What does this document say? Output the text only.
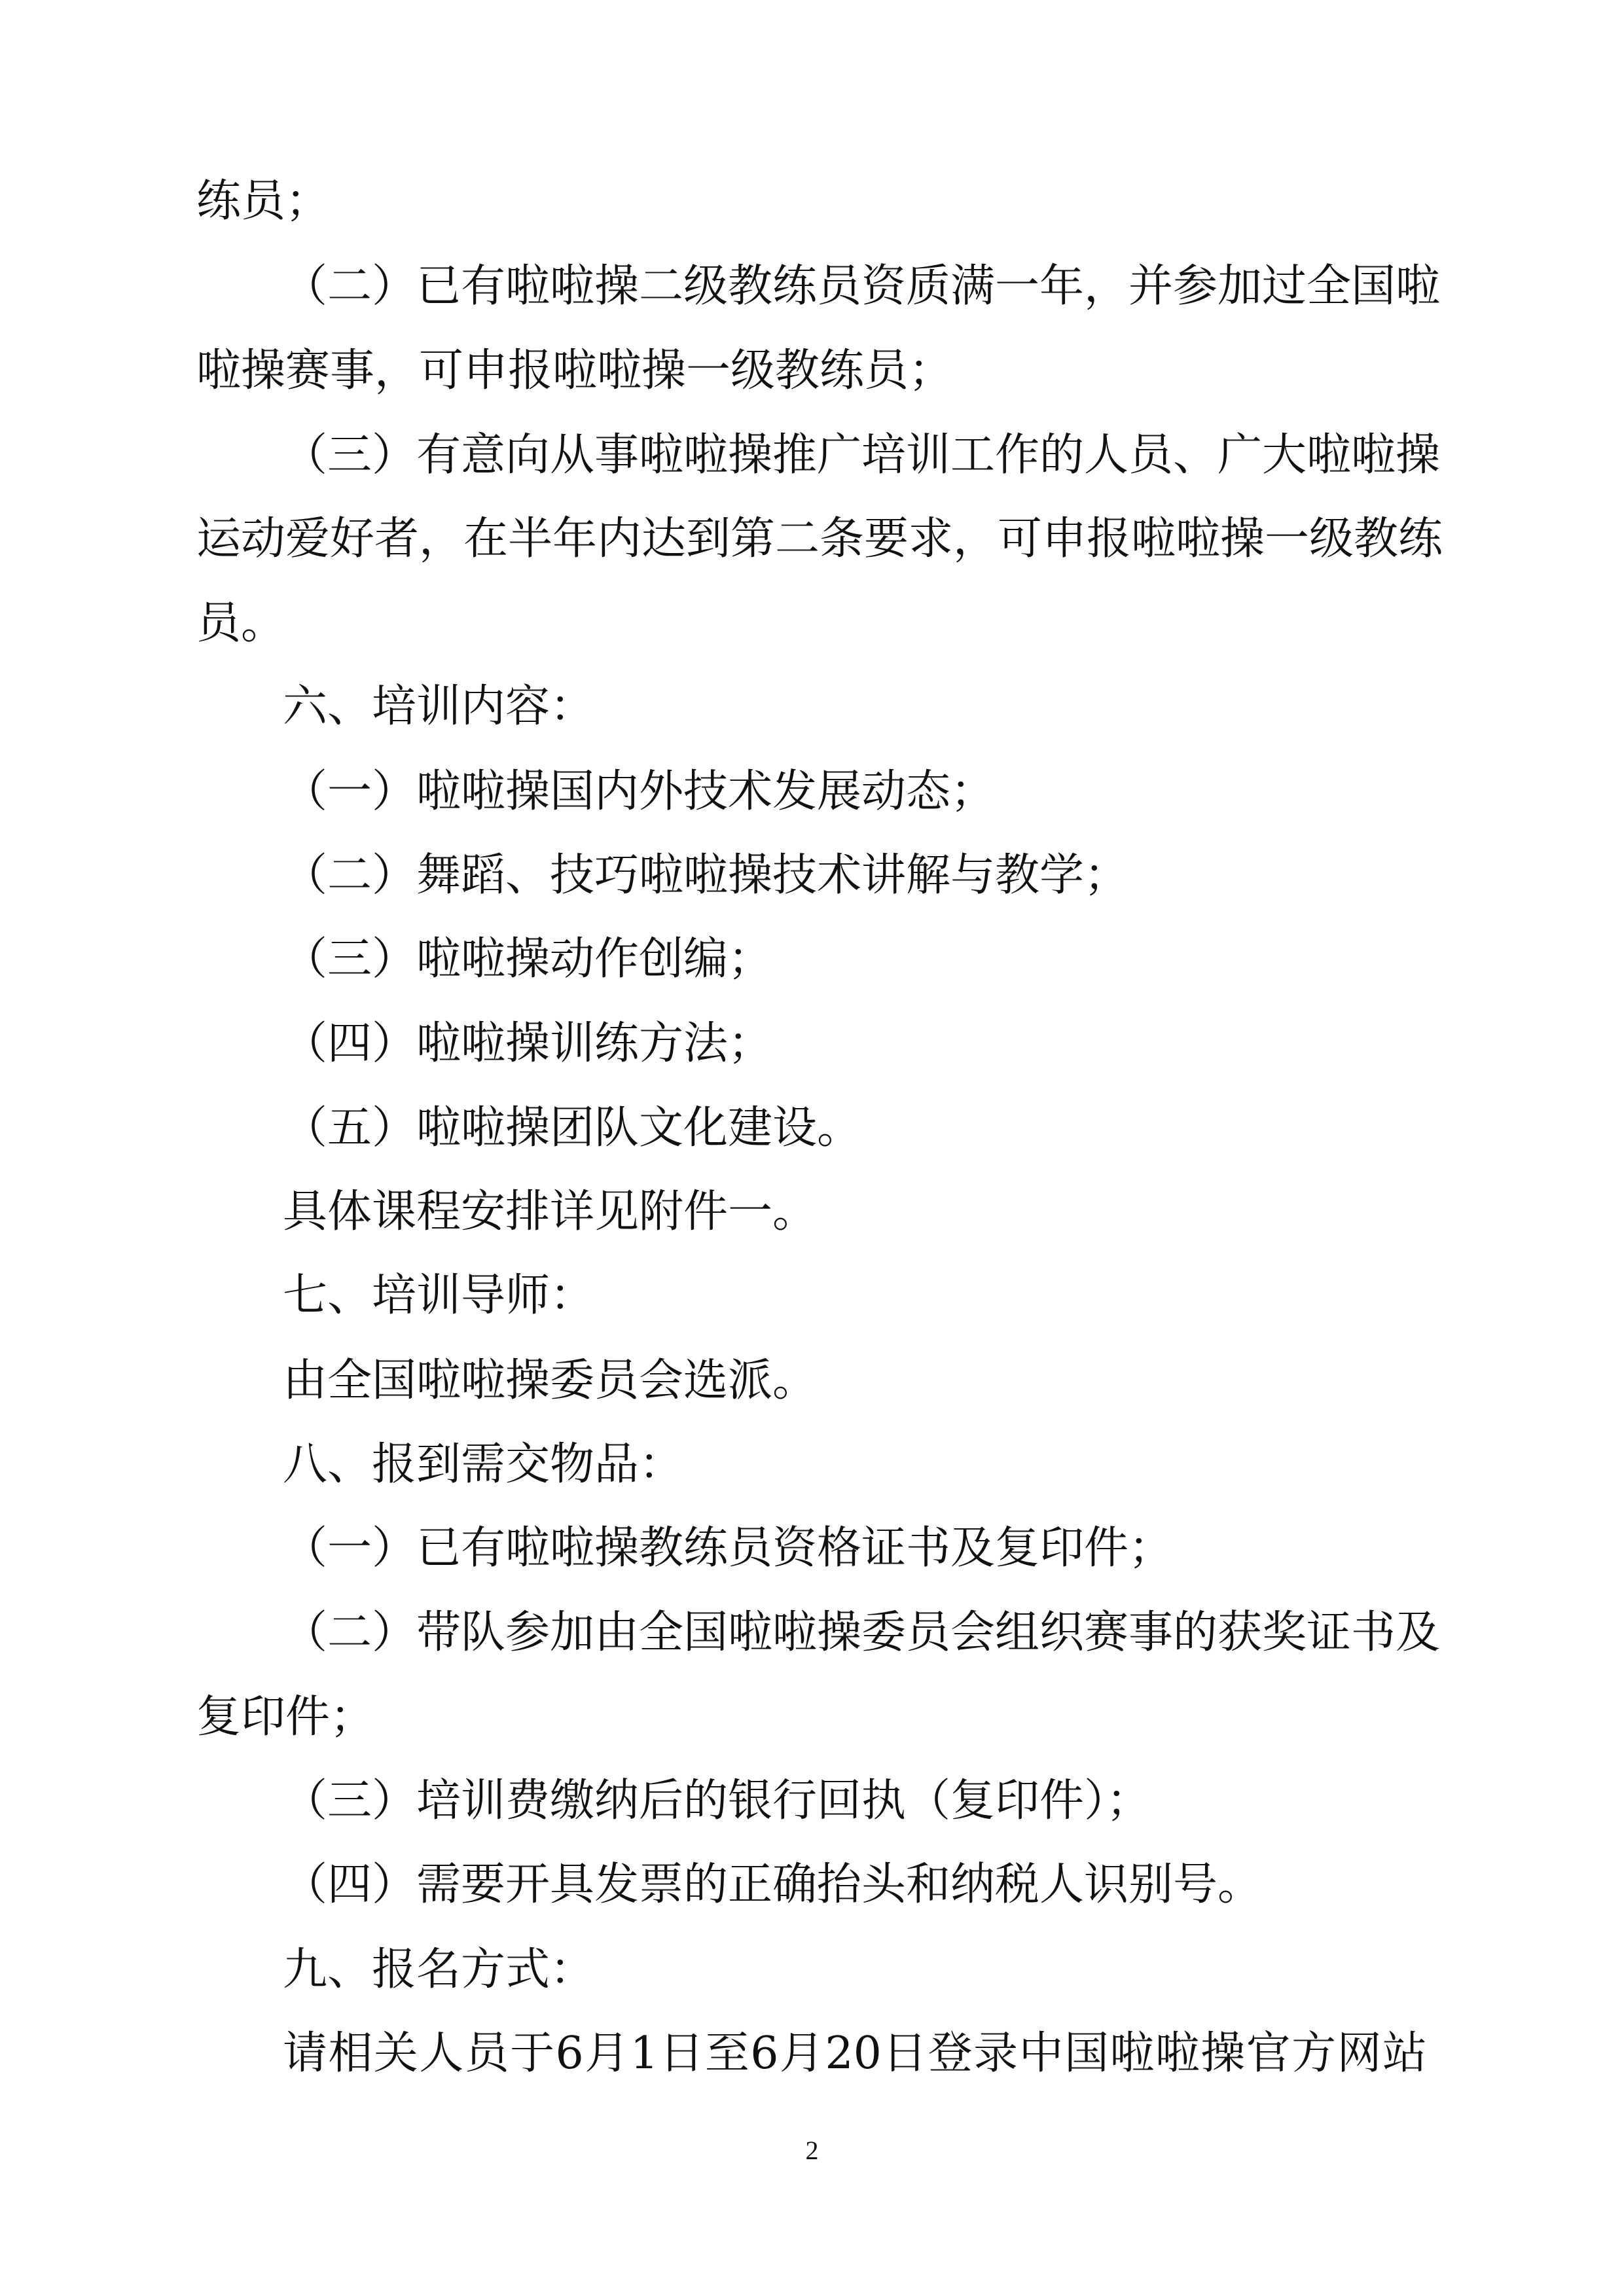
练员；
（二）已有啦啦操二级教练员资质满一年，并参加过全国啦
啦操赛事，可申报啦啦操一级教练员；
（三）有意向从事啦啦操推广培训工作的人员、广大啦啦操
运动爱好者，在半年内达到第二条要求，可申报啦啦操一级教练
员。
六、培训内容：
（一）啦啦操国内外技术发展动态；
（二）舞蹈、技巧啦啦操技术讲解与教学；
（三）啦啦操动作创编；
（四）啦啦操训练方法；
（五）啦啦操团队文化建设。
具体课程安排详见附件一。
七、培训导师：
由全国啦啦操委员会选派。
八、报到需交物品：
（一）已有啦啦操教练员资格证书及复印件；
（二）带队参加由全国啦啦操委员会组织赛事的获奖证书及
复印件；
（三）培训费缴纳后的银行回执（复印件）；
（四）需要开具发票的正确抬头和纳税人识别号。
九、报名方式：
请相关人员于6月1日至6月20日登录中国啦啦操官方网站
2
